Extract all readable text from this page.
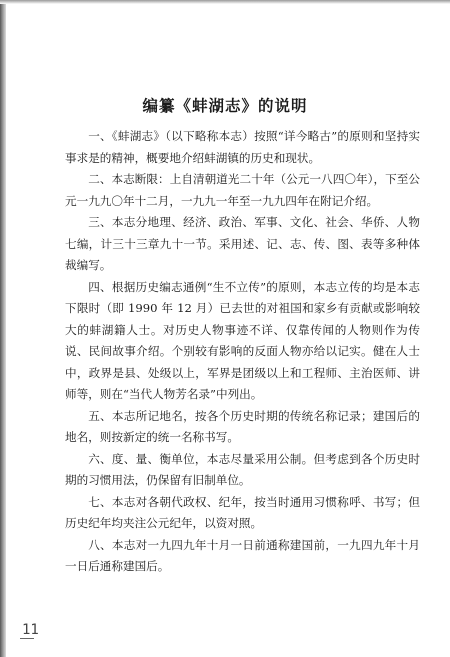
编纂《蚌湖志》的说明

一、《蚌湖志》（以下略称本志）按照“详今略古”的原则和坚持实事求是的精神，概要地介绍蚌湖镇的历史和现状。

二、本志断限：上自清朝道光二十年（公元一八四〇年），下至公元一九九〇年十二月，一九九一年至一九九四年在附记介绍。

三、本志分地理、经济、政治、军事、文化、社会、华侨、人物七编，计三十三章九十一节。采用述、记、志、传、图、表等多种体裁编写。

四、根据历史编志通例“生不立传”的原则，本志立传的均是本志下限时（即 1990 年 12 月）已去世的对祖国和家乡有贡献或影响较大的蚌湖籍人士。对历史人物事迹不详、仅靠传闻的人物则作为传说、民间故事介绍。个别较有影响的反面人物亦给以记实。健在人士中，政界是县、处级以上，军界是团级以上和工程师、主治医师、讲师等，则在“当代人物芳名录”中列出。

五、本志所记地名，按各个历史时期的传统名称记录；建国后的地名，则按新定的统一名称书写。

六、度、量、衡单位，本志尽量采用公制。但考虑到各个历史时期的习惯用法，仍保留有旧制单位。

七、本志对各朝代政权、纪年，按当时通用习惯称呼、书写；但历史纪年均夹注公元纪年，以资对照。

八、本志对一九四九年十月一日前通称建国前，一九四九年十月一日后通称建国后。

11
